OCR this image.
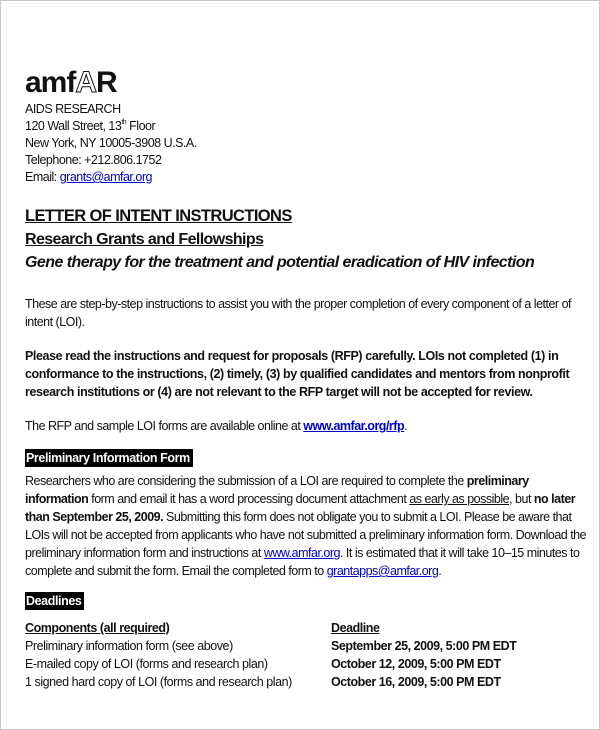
amfAR
AIDS RESEARCH
120 Wall Street, 13th Floor
New York, NY 10005-3908 U.S.A.
Telephone: +212.806.1752
Email: grants@amfar.org
LETTER OF INTENT INSTRUCTIONS
Research Grants and Fellowships
Gene therapy for the treatment and potential eradication of HIV infection
These are step-by-step instructions to assist you with the proper completion of every component of a letter of intent (LOI).
Please read the instructions and request for proposals (RFP) carefully. LOIs not completed (1) in conformance to the instructions, (2) timely, (3) by qualified candidates and mentors from nonprofit research institutions or (4) are not relevant to the RFP target will not be accepted for review.
The RFP and sample LOI forms are available online at www.amfar.org/rfp.
Preliminary Information Form
Researchers who are considering the submission of a LOI are required to complete the preliminary information form and email it has a word processing document attachment as early as possible, but no later than September 25, 2009. Submitting this form does not obligate you to submit a LOI. Please be aware that LOIs will not be accepted from applicants who have not submitted a preliminary information form. Download the preliminary information form and instructions at www.amfar.org. It is estimated that it will take 10–15 minutes to complete and submit the form. Email the completed form to grantapps@amfar.org.
Deadlines
Components (all required)	Deadline
Preliminary information form (see above)	September 25, 2009, 5:00 PM EDT
E-mailed copy of LOI (forms and research plan)	October 12, 2009, 5:00 PM EDT
1 signed hard copy of LOI (forms and research plan)	October 16, 2009, 5:00 PM EDT
